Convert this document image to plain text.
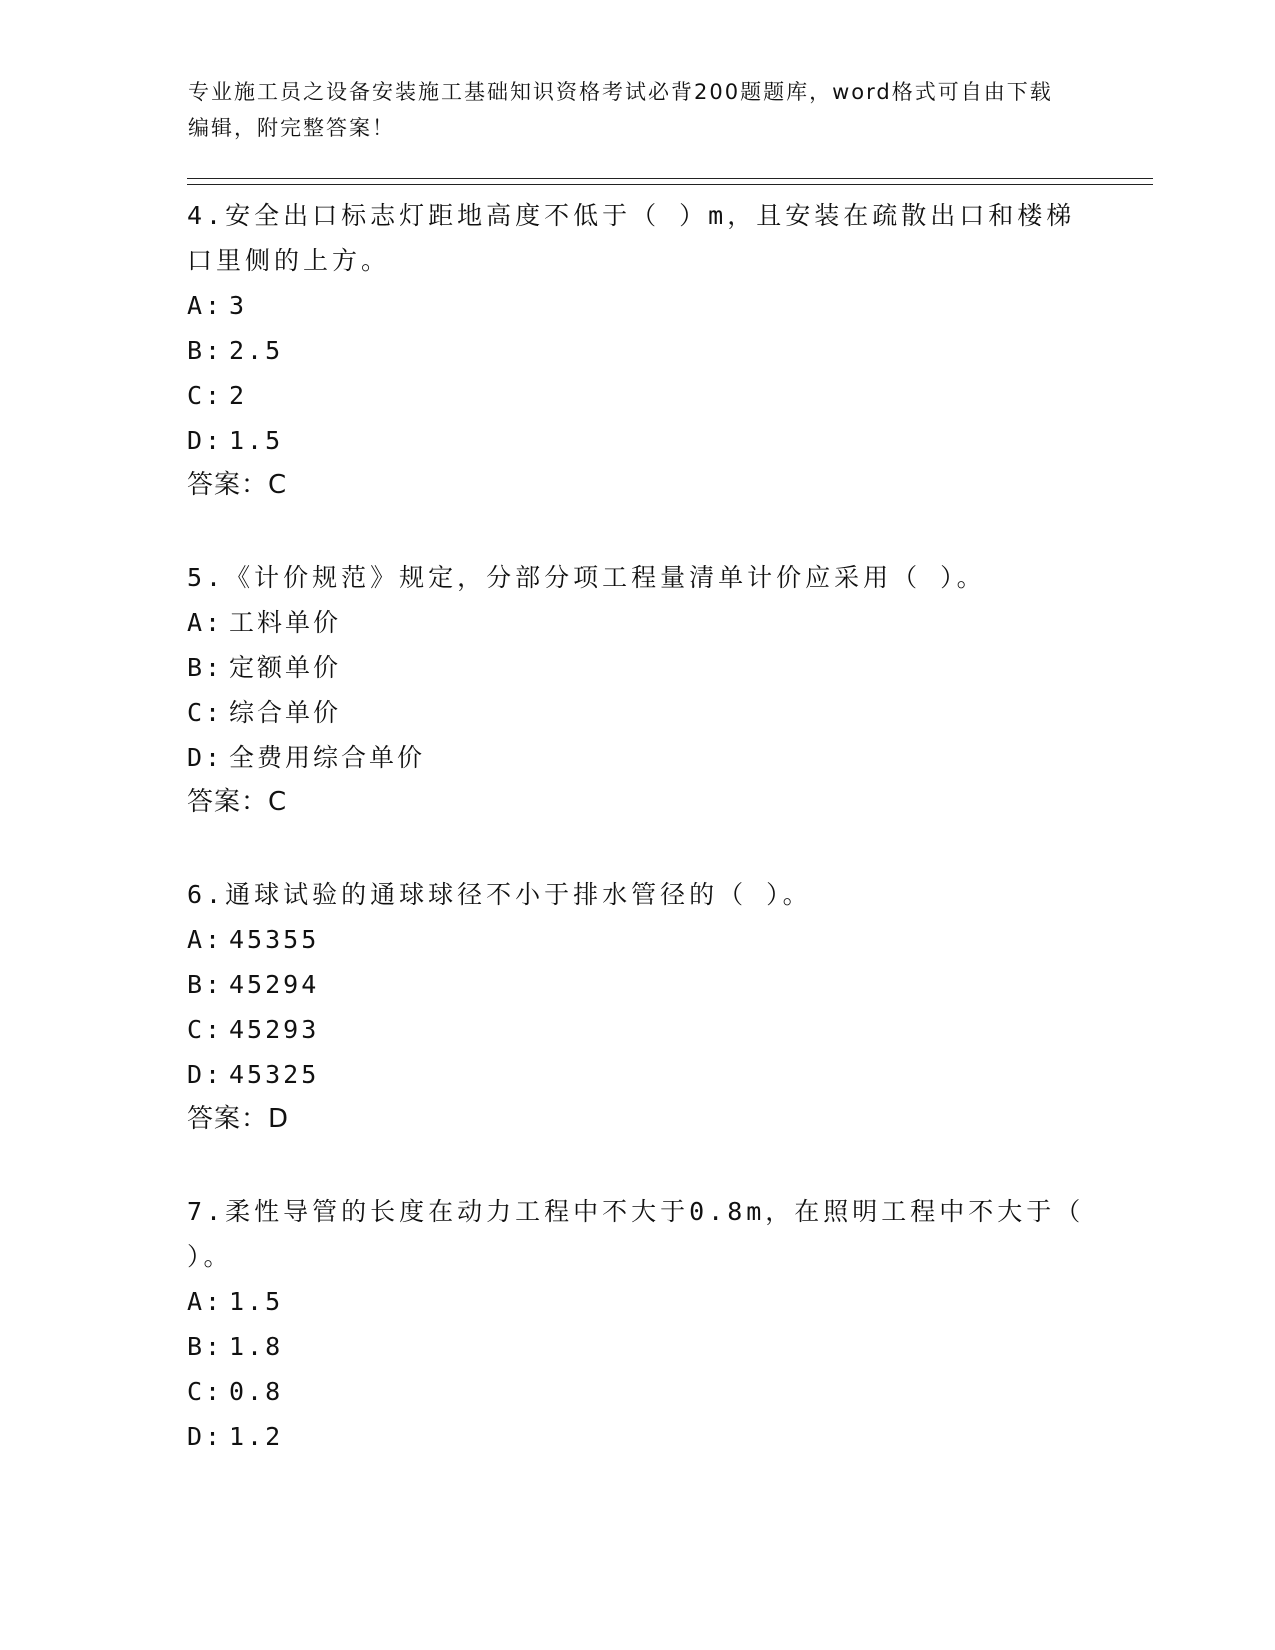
专业施工员之设备安装施工基础知识资格考试必背200题题库，word格式可自由下载编辑，附完整答案！

4.安全出口标志灯距地高度不低于（ ）m，且安装在疏散出口和楼梯口里侧的上方。

A: 3
B: 2.5
C: 2
D: 1.5
答案：C

5.《计价规范》规定，分部分项工程量清单计价应采用（ ）。

A: 工料单价
B: 定额单价
C: 综合单价
D: 全费用综合单价
答案：C

6.通球试验的通球球径不小于排水管径的（ ）。

A: 45355
B: 45294
C: 45293
D: 45325
答案：D

7.柔性导管的长度在动力工程中不大于0.8m，在照明工程中不大于（ ）。

A: 1.5
B: 1.8
C: 0.8
D: 1.2
